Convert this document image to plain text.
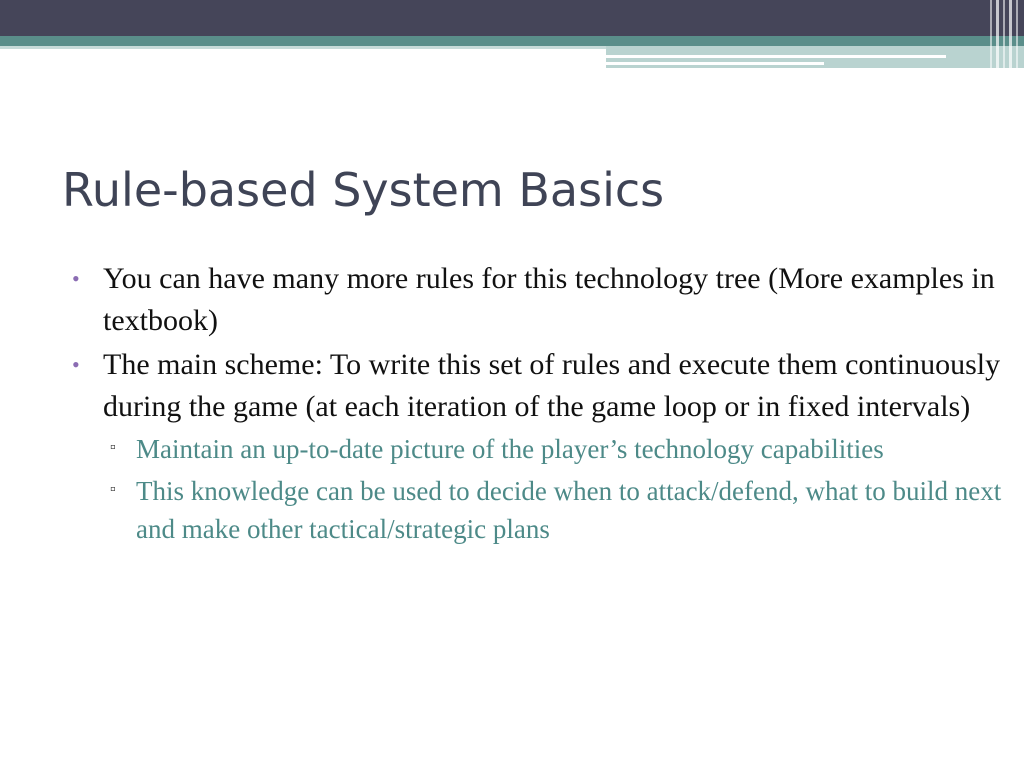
Rule-based System Basics
• You can have many more rules for this technology tree (More examples in textbook)
• The main scheme: To write this set of rules and execute them continuously during the game (at each iteration of the game loop or in fixed intervals)
▫ Maintain an up-to-date picture of the player’s technology capabilities
▫ This knowledge can be used to decide when to attack/defend, what to build next and make other tactical/strategic plans
